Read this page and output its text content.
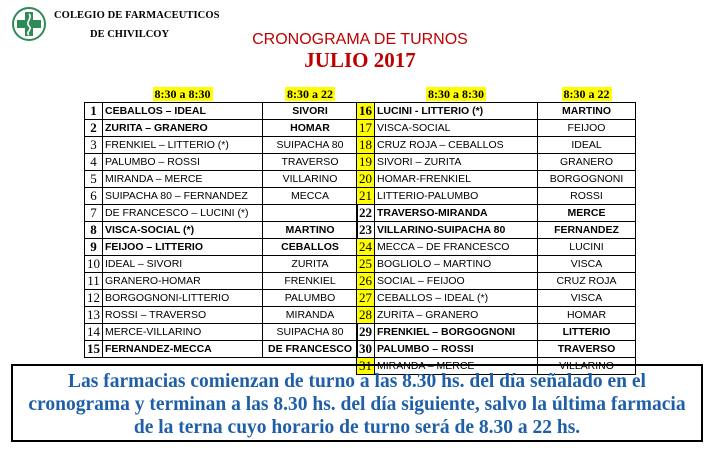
COLEGIO DE FARMACEUTICOS
DE CHIVILCOY	CRONOGRAMA DE TURNOS
JULIO 2017
	8:30 a 8:30	8:30 a 22
1	CEBALLOS – IDEAL	SIVORI
2	ZURITA – GRANERO	HOMAR
3	FRENKIEL – LITTERIO (*)	SUIPACHA 80
4	PALUMBO – ROSSI	TRAVERSO
5	MIRANDA – MERCE	VILLARINO
6	SUIPACHA 80 – FERNANDEZ	MECCA
7	DE FRANCESCO – LUCINI (*)	
8	VISCA-SOCIAL (*)	MARTINO
9	FEIJOO – LITTERIO	CEBALLOS
10	IDEAL – SIVORI	ZURITA
11	GRANERO-HOMAR	FRENKIEL
12	BORGOGNONI-LITTERIO	PALUMBO
13	ROSSI – TRAVERSO	MIRANDA
14	MERCE-VILLARINO	SUIPACHA 80
15	FERNANDEZ-MECCA	DE FRANCESCO
	8:30 a 8:30	8:30 a 22
16	LUCINI - LITTERIO (*)	MARTINO
17	VISCA-SOCIAL	FEIJOO
18	CRUZ ROJA – CEBALLOS	IDEAL
19	SIVORI – ZURITA	GRANERO
20	HOMAR-FRENKIEL	BORGOGNONI
21	LITTERIO-PALUMBO	ROSSI
22	TRAVERSO-MIRANDA	MERCE
23	VILLARINO-SUIPACHA 80	FERNANDEZ
24	MECCA – DE FRANCESCO	LUCINI
25	BOGLIOLO – MARTINO	VISCA
26	SOCIAL – FEIJOO	CRUZ ROJA
27	CEBALLOS – IDEAL (*)	VISCA
28	ZURITA – GRANERO	HOMAR
29	FRENKIEL – BORGOGNONI	LITTERIO
30	PALUMBO – ROSSI	TRAVERSO
31	MIRANDA – MERCE	VILLARINO

Las farmacias comienzan de turno a las 8.30 hs. del día señalado en el cronograma y terminan a las 8.30 hs. del día siguiente, salvo la última farmacia de la terna cuyo horario de turno será de 8.30 a 22 hs.
